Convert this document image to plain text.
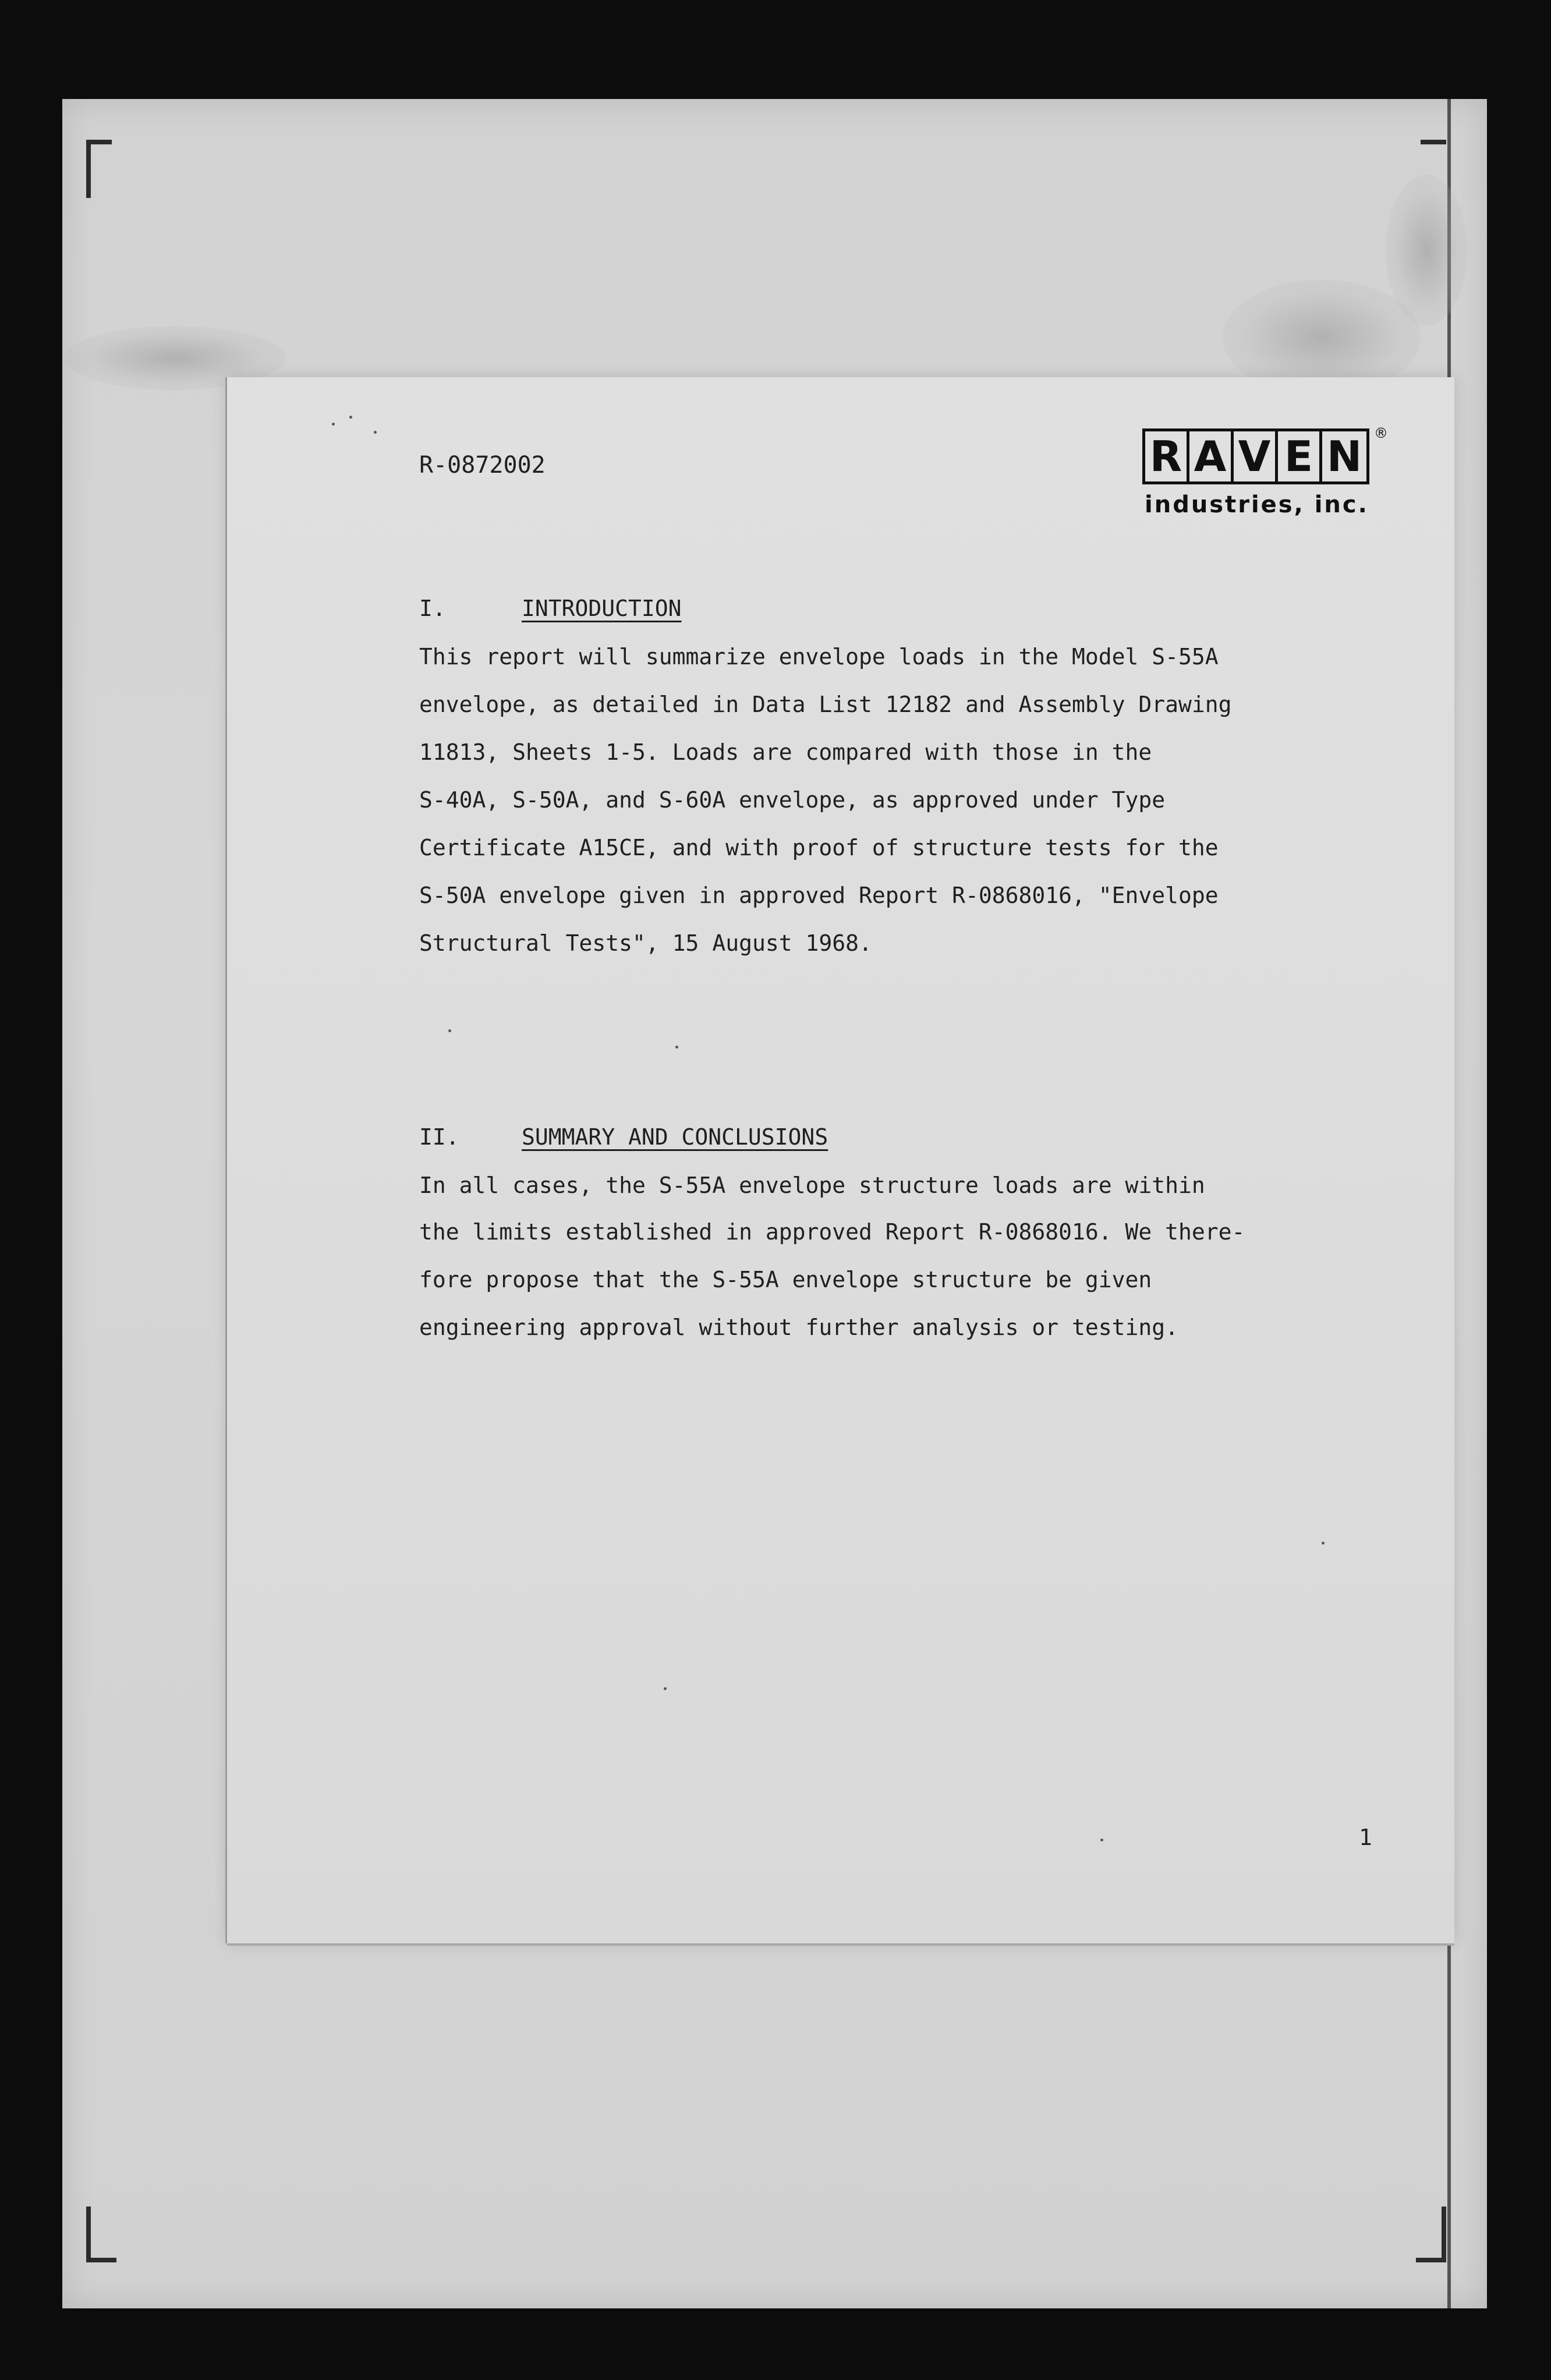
R-0872002	R A V E N ®
industries, inc.
I.	INTRODUCTION
This report will summarize envelope loads in the Model S-55A
envelope, as detailed in Data List 12182 and Assembly Drawing
11813, Sheets 1-5. Loads are compared with those in the
S-40A, S-50A, and S-60A envelope, as approved under Type
Certificate A15CE, and with proof of structure tests for the
S-50A envelope given in approved Report R-0868016, "Envelope
Structural Tests", 15 August 1968.
II.	SUMMARY AND CONCLUSIONS
In all cases, the S-55A envelope structure loads are within
the limits established in approved Report R-0868016. We there-
fore propose that the S-55A envelope structure be given
engineering approval without further analysis or testing.
1
